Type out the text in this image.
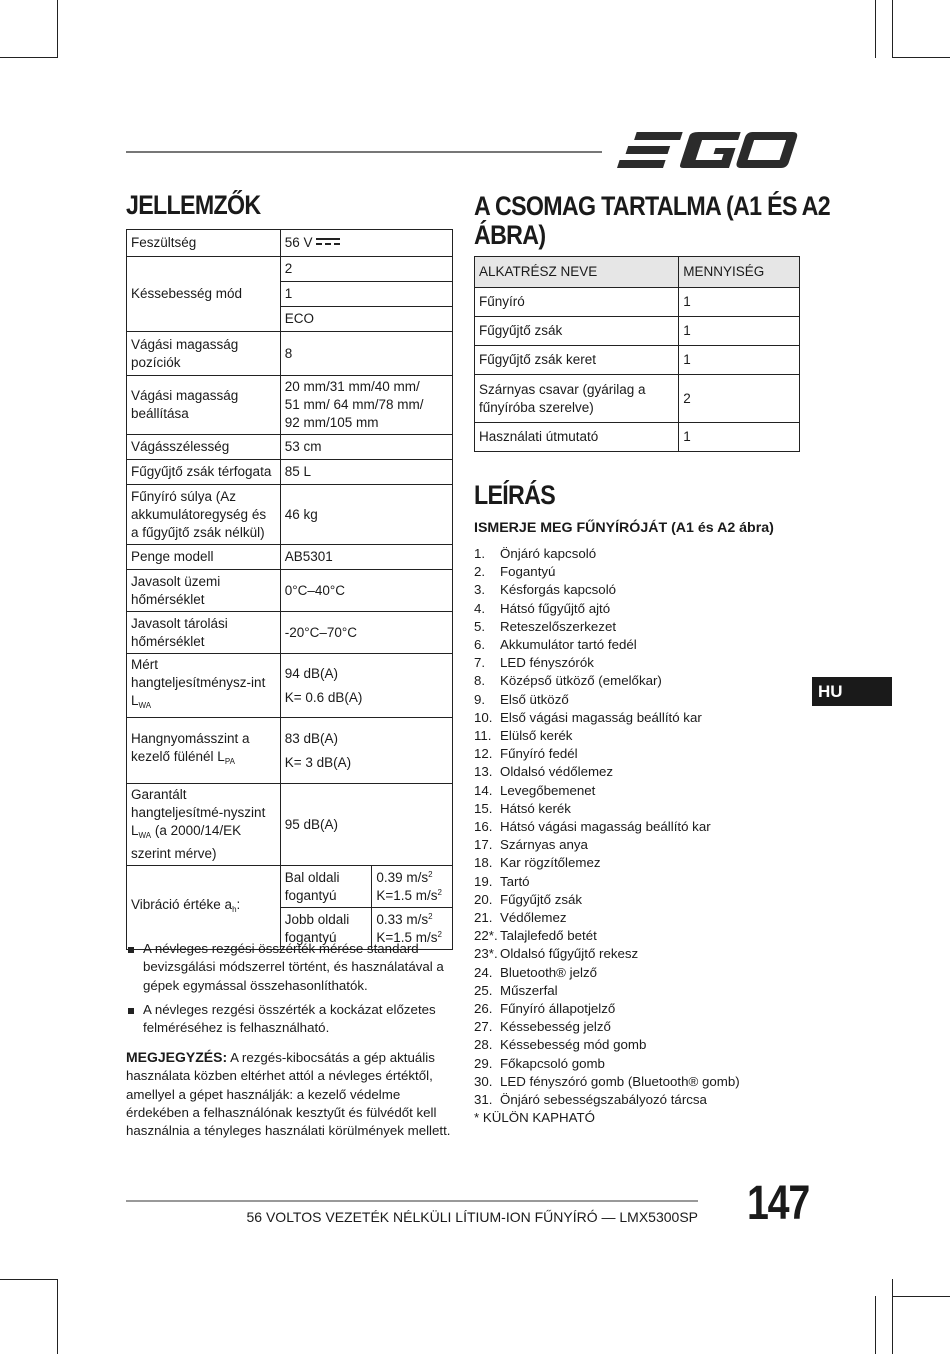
JELLEMZŐK
Feszültség	56 V	
Késsebesség mód	2	
	1	
	ECO	
Vágási magasság pozíciók	8	
Vágási magasság beállítása	20 mm/31 mm/40 mm/
51 mm/ 64 mm/78 mm/
92 mm/105 mm	
Vágásszélesség	53 cm	
Fűgyűjtő zsák térfogata	85 L	
Fűnyíró súlya (Az akkumulátoregység és a fűgyűjtő zsák nélkül)	46 kg	
Penge modell	AB5301	
Javasolt üzemi hőmérséklet	0°C–40°C	
Javasolt tárolási hőmérséklet	-20°C–70°C	
Mért hangteljesítménysz-int $L_{WA}$	94 dB(A)
K= 0.6 dB(A)	
Hangnyomásszint a kezelő fülénél $L_{PA}$	83 dB(A)
K= 3 dB(A)	
Garantált hangteljesítmé-nyszint $L_{WA}$ (a 2000/14/EK szerint mérve)	95 dB(A)	
Vibráció értéke $a_h$:	Bal oldali fogantyú	0.39 $m/s^2$
K=1.5 $m/s^2$
	Jobb oldali fogantyú	0.33 $m/s^2$
K=1.5 $m/s^2$
A névleges rezgési összérték mérése standard bevizsgálási módszerrel történt, és használatával a gépek egymással összehasonlíthatók.
A névleges rezgési összérték a kockázat előzetes felméréséhez is felhasználható.
MEGJEGYZÉS: A rezgés-kibocsátás a gép aktuális használata közben eltérhet attól a névleges értéktől, amellyel a gépet használják: a kezelő védelme érdekében a felhasználónak kesztyűt és fülvédőt kell használnia a tényleges használati körülmények mellett.
A CSOMAG TARTALMA (A1 ÉS A2
ÁBRA)
ALKATRÉSZ NEVE	MENNYISÉG
Fűnyíró	1
Fűgyűjtő zsák	1
Fűgyűjtő zsák keret	1
Szárnyas csavar (gyárilag a fűnyíróba szerelve)	2
Használati útmutató	1
LEÍRÁS
ISMERJE MEG FŰNYÍRÓJÁT (A1 és A2 ábra)
1. Önjáró kapcsoló
2. Fogantyú
3. Késforgás kapcsoló
4. Hátsó fűgyűjtő ajtó
5. Reteszelőszerkezet
6. Akkumulátor tartó fedél
7. LED fényszórók
8. Középső ütköző (emelőkar)
9. Első ütköző
10. Első vágási magasság beállító kar
11. Elülső kerék
12. Fűnyíró fedél
13. Oldalsó védőlemez
14. Levegőbemenet
15. Hátsó kerék
16. Hátsó vágási magasság beállító kar
17. Szárnyas anya
18. Kar rögzítőlemez
19. Tartó
20. Fűgyűjtő zsák
21. Védőlemez
22*. Talajlefedő betét
23*. Oldalsó fűgyűjtő rekesz
24. Bluetooth® jelző
25. Műszerfal
26. Fűnyíró állapotjelző
27. Késsebesség jelző
28. Késsebesség mód gomb
29. Főkapcsoló gomb
30. LED fényszóró gomb (Bluetooth® gomb)
31. Önjáró sebességszabályozó tárcsa
* KÜLÖN KAPHATÓ
HU
56 VOLTOS VEZETÉK NÉLKÜLI LÍTIUM-ION FŰNYÍRÓ — LMX5300SP 147
